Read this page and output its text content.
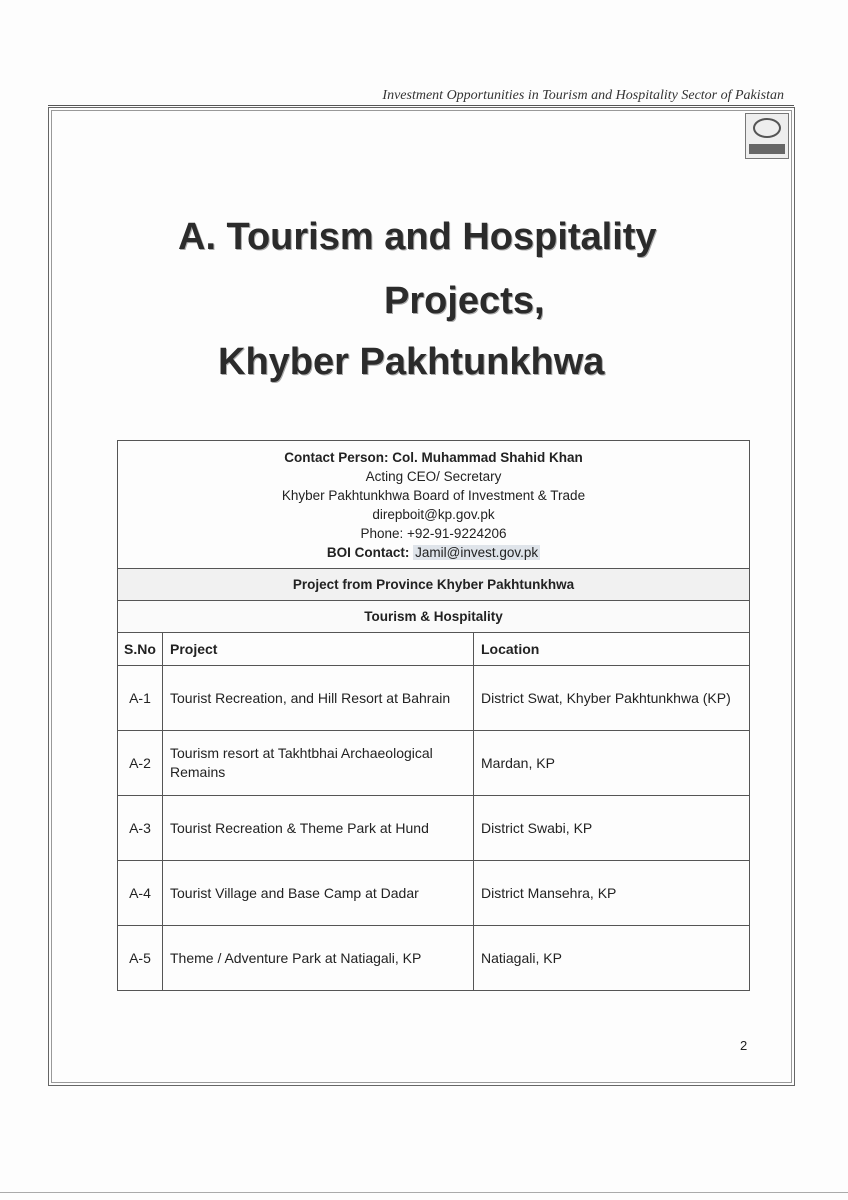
Investment Opportunities in Tourism and Hospitality Sector of Pakistan
A. Tourism and Hospitality
Projects,
Khyber Pakhtunkhwa
Contact Person: Col. Muhammad Shahid Khan
Acting CEO/ Secretary
Khyber Pakhtunkhwa Board of Investment & Trade
direpboit@kp.gov.pk
Phone: +92-91-9224206
BOI Contact: Jamil@invest.gov.pk
Project from Province Khyber Pakhtunkhwa
Tourism & Hospitality
S.No	Project	Location
A-1	Tourist Recreation, and Hill Resort at Bahrain	District Swat, Khyber Pakhtunkhwa (KP)
A-2	Tourism resort at Takhtbhai Archaeological Remains	Mardan, KP
A-3	Tourist Recreation & Theme Park at Hund	District Swabi, KP
A-4	Tourist Village and Base Camp at Dadar	District Mansehra, KP
A-5	Theme / Adventure Park at Natiagali, KP	Natiagali, KP
2
